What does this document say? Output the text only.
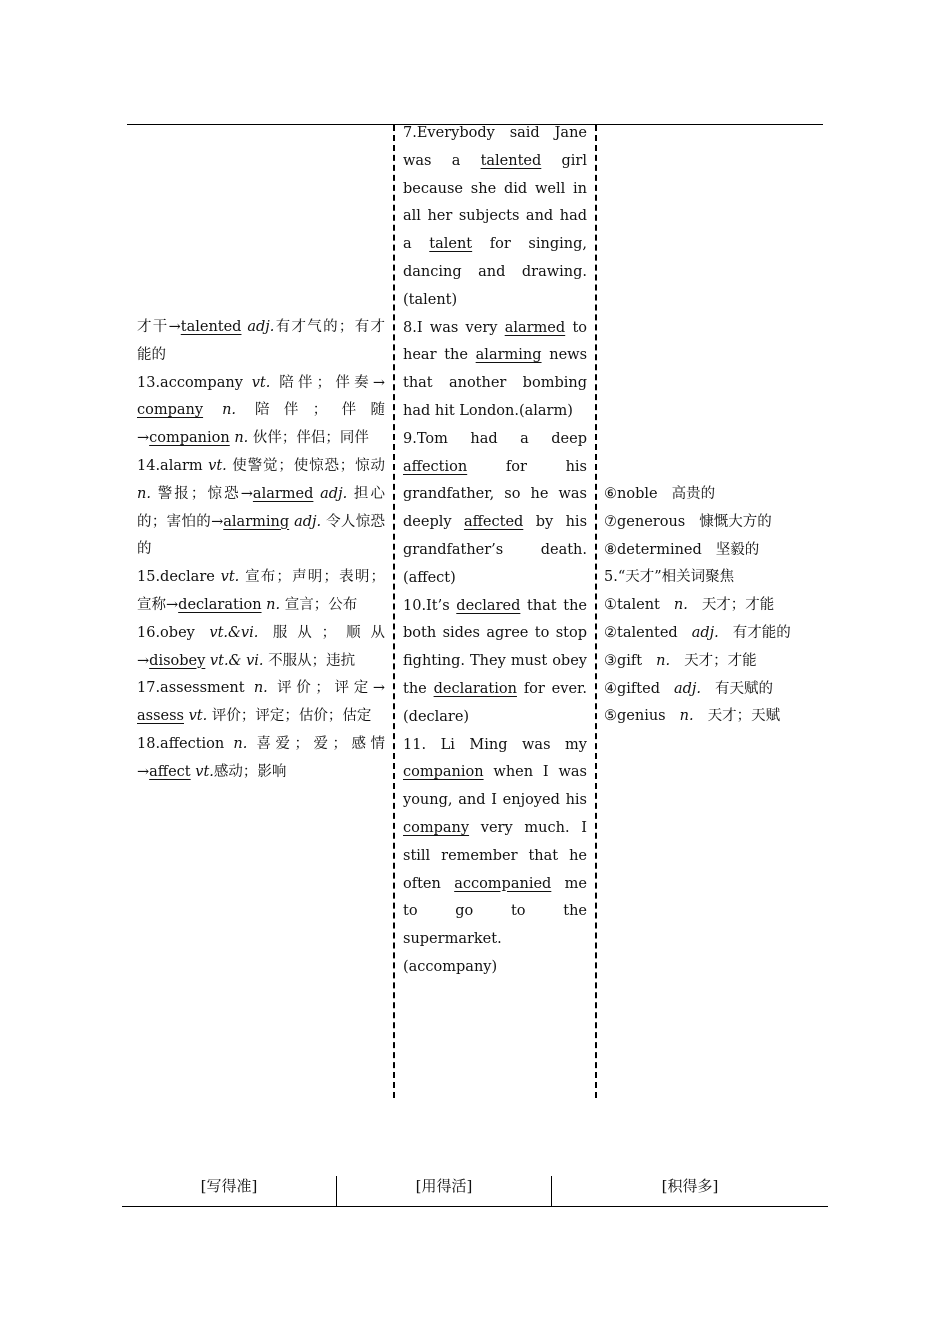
才干→talented adj.有才气的；有才能的

13.accompany vt. 陪伴；伴奏→ company n. 陪伴；伴随→companion n. 伙伴；伴侣；同伴

14.alarm vt. 使警觉；使惊恐；惊动 n. 警报；惊恐→alarmed adj. 担心的；害怕的→alarming adj. 令人惊恐的

15.declare vt. 宣布；声明；表明；宣称→declaration n. 宣言；公布

16.obey vt.&vi. 服从；顺从→disobey vt.& vi. 不服从；违抗

17.assessment n. 评价；评定→ assess vt. 评价；评定；估价；估定

18.affection n. 喜爱；爱；感情→affect vt.感动；影响

7.Everybody said Jane was a talented girl because she did well in all her subjects and had a talent for singing, dancing and drawing.(talent)

8.I was very alarmed to hear the alarming news that another bombing had hit London.(alarm)

9.Tom had a deep affection	for his grandfather, so he was deeply affected by his grandfather’s death.(affect)

10.It’s declared that the both sides agree to stop fighting. They must obey the declaration for ever.(declare)

11. Li Ming was my companion when I was young, and I enjoyed his company very much. I still remember that he often accompanied me to go to the supermarket.

(accompany)

⑥noble 高贵的
⑦generous 慷慨大方的
⑧determined 坚毅的
5.“天才”相关词聚焦
①talent n. 天才；才能
②talented adj. 有才能的
③gift n. 天才；才能
④gifted adj. 有天赋的
⑤genius n. 天才；天赋
[写得准]	[用得活]	[积得多]
